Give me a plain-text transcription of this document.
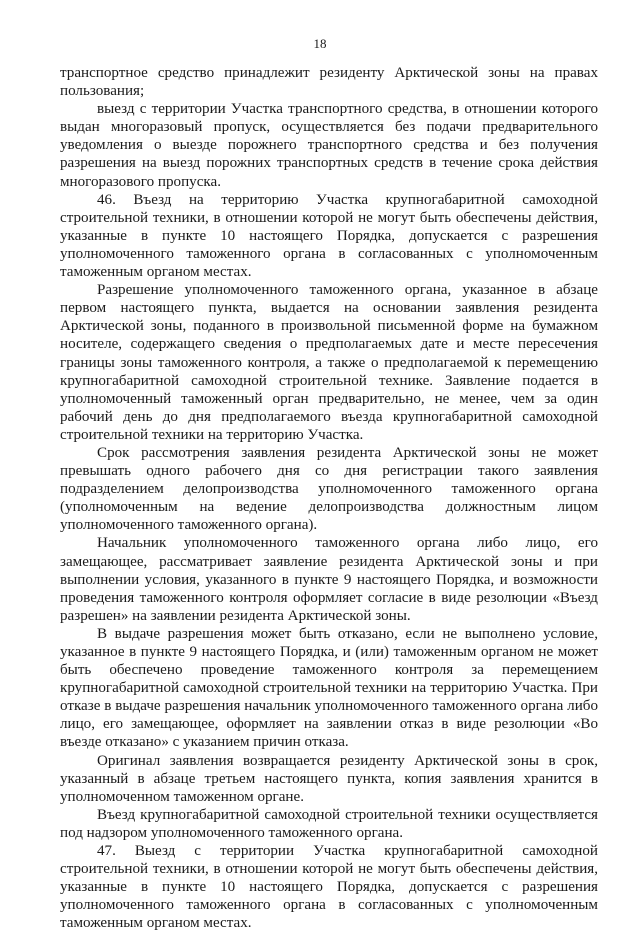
18

транспортное средство принадлежит резиденту Арктической зоны на правах пользования;

выезд с территории Участка транспортного средства, в отношении которого выдан многоразовый пропуск, осуществляется без подачи предварительного уведомления о выезде порожнего транспортного средства и без получения разрешения на выезд порожних транспортных средств в течение срока действия многоразового пропуска.

46. Въезд на территорию Участка крупногабаритной самоходной строительной техники, в отношении которой не могут быть обеспечены действия, указанные в пункте 10 настоящего Порядка, допускается с разрешения уполномоченного таможенного органа в согласованных с уполномоченным таможенным органом местах.

Разрешение уполномоченного таможенного органа, указанное в абзаце первом настоящего пункта, выдается на основании заявления резидента Арктической зоны, поданного в произвольной письменной форме на бумажном носителе, содержащего сведения о предполагаемых дате и месте пересечения границы зоны таможенного контроля, а также о предполагаемой к перемещению крупногабаритной самоходной строительной технике. Заявление подается в уполномоченный таможенный орган предварительно, не менее, чем за один рабочий день до дня предполагаемого въезда крупногабаритной самоходной строительной техники на территорию Участка.

Срок рассмотрения заявления резидента Арктической зоны не может превышать одного рабочего дня со дня регистрации такого заявления подразделением делопроизводства уполномоченного таможенного органа (уполномоченным на ведение делопроизводства должностным лицом уполномоченного таможенного органа).

Начальник уполномоченного таможенного органа либо лицо, его замещающее, рассматривает заявление резидента Арктической зоны и при выполнении условия, указанного в пункте 9 настоящего Порядка, и возможности проведения таможенного контроля оформляет согласие в виде резолюции «Въезд разрешен» на заявлении резидента Арктической зоны.

В выдаче разрешения может быть отказано, если не выполнено условие, указанное в пункте 9 настоящего Порядка, и (или) таможенным органом не может быть обеспечено проведение таможенного контроля за перемещением крупногабаритной самоходной строительной техники на территорию Участка. При отказе в выдаче разрешения начальник уполномоченного таможенного органа либо лицо, его замещающее, оформляет на заявлении отказ в виде резолюции «Во въезде отказано» с указанием причин отказа.

Оригинал заявления возвращается резиденту Арктической зоны в срок, указанный в абзаце третьем настоящего пункта, копия заявления хранится в уполномоченном таможенном органе.

Въезд крупногабаритной самоходной строительной техники осуществляется под надзором уполномоченного таможенного органа.

47. Выезд с территории Участка крупногабаритной самоходной строительной техники, в отношении которой не могут быть обеспечены действия, указанные в пункте 10 настоящего Порядка, допускается с разрешения уполномоченного таможенного органа в согласованных с уполномоченным таможенным органом местах.
